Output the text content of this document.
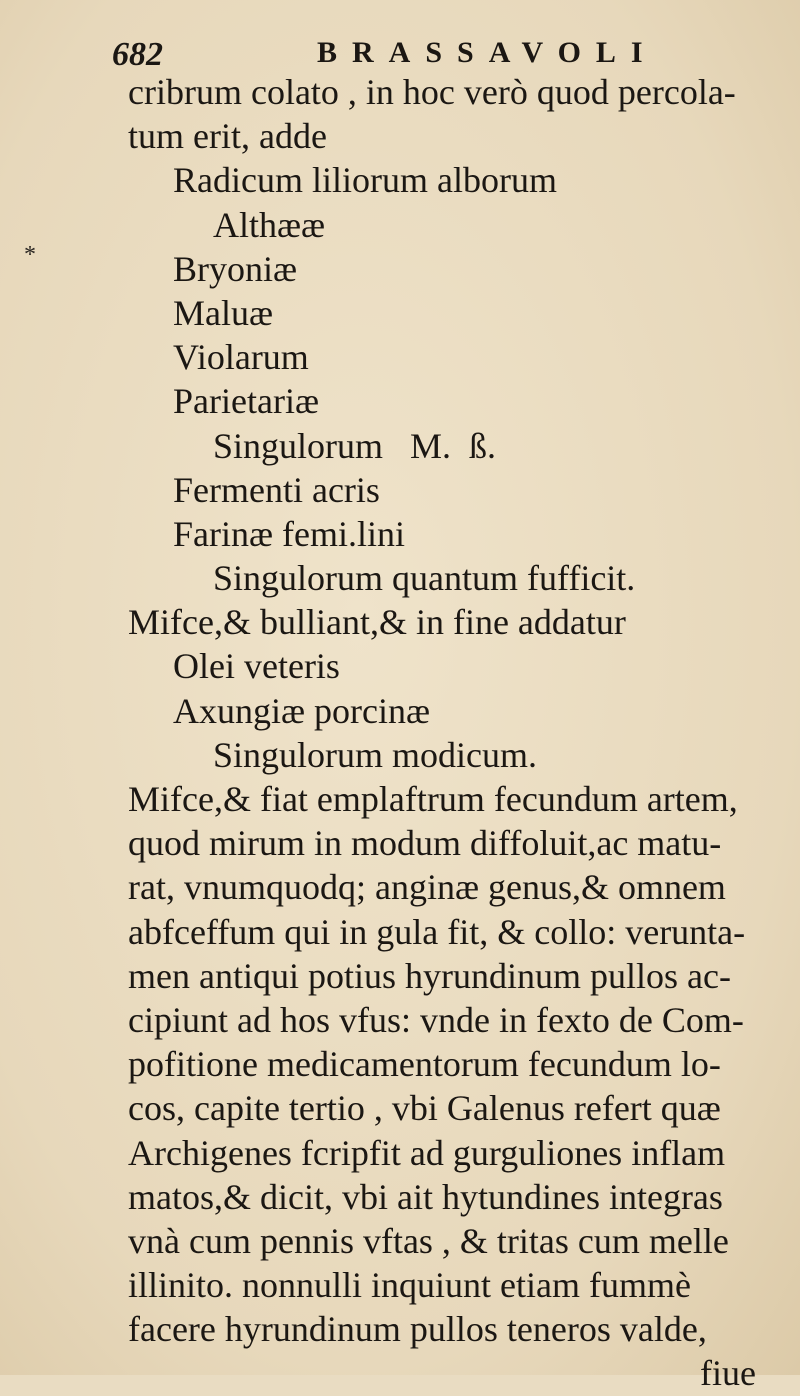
682	BRASSAVOLI
*
cribrum colato , in hoc verò quod percola-
tum erit, adde
Radicum liliorum alborum
Althææ
Bryoniæ
Maluæ
Violarum
Parietariæ
Singulorum   M.  ß.
Fermenti acris
Farinæ femi.lini
Singulorum quantum fufficit.
Mifce,& bulliant,& in fine addatur
Olei veteris
Axungiæ porcinæ
Singulorum modicum.
Mifce,& fiat emplaftrum fecundum artem,
quod mirum in modum diffoluit,ac matu-
rat, vnumquodq; anginæ genus,& omnem
abfceffum qui in gula fit, & collo: verunta-
men antiqui potius hyrundinum pullos ac-
cipiunt ad hos vfus: vnde in fexto de Com-
pofitione medicamentorum fecundum lo-
cos, capite tertio , vbi Galenus refert quæ
Archigenes fcripfit ad gurguliones inflam
matos,& dicit, vbi ait hytundines integras
vnà cum pennis vftas , & tritas cum melle
illinito. nonnulli inquiunt etiam fummè
facere hyrundinum pullos teneros valde,
fiue
